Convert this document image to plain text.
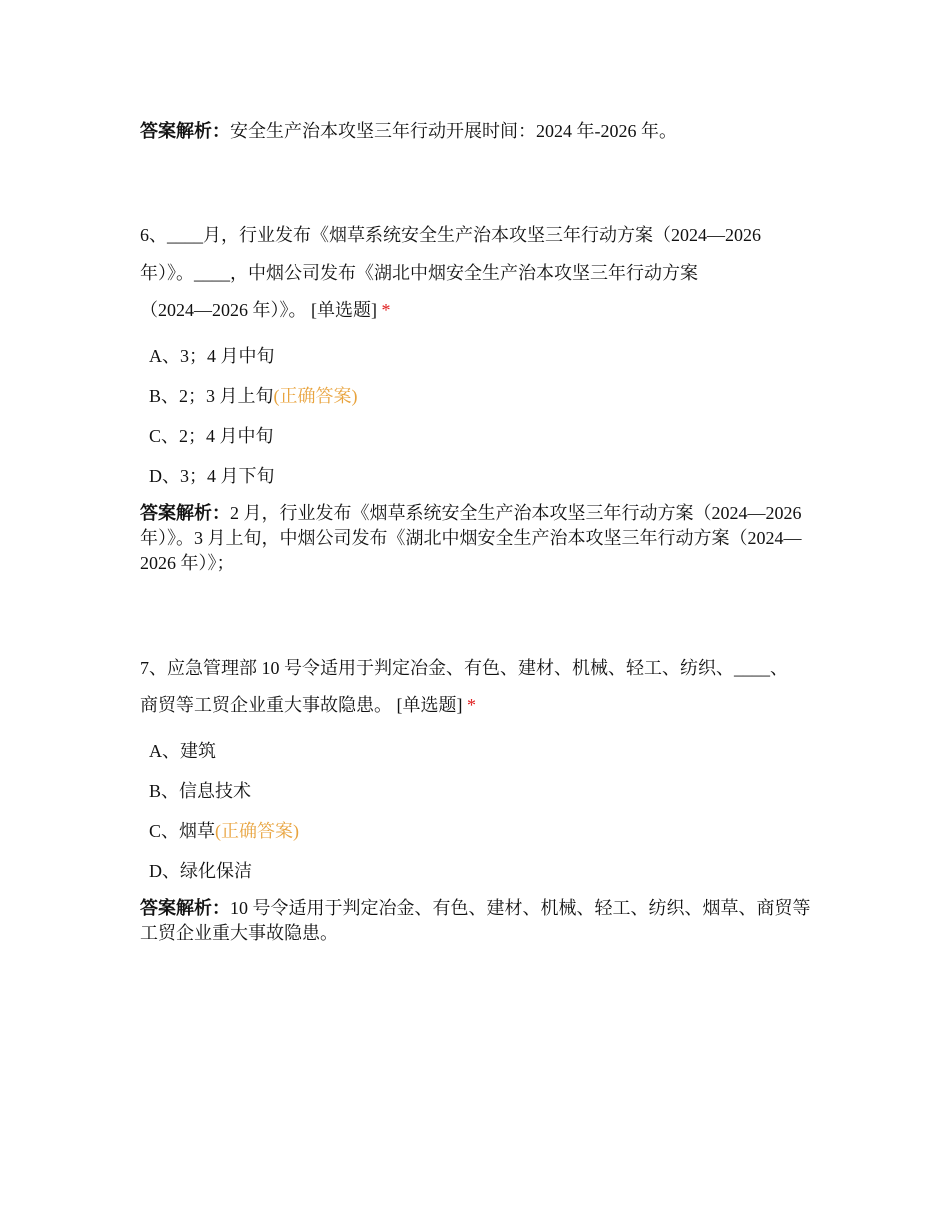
答案解析：安全生产治本攻坚三年行动开展时间：2024 年-2026 年。
6、____月，行业发布《烟草系统安全生产治本攻坚三年行动方案（2024—2026
年）》。____，中烟公司发布《湖北中烟安全生产治本攻坚三年行动方案
（2024—2026 年）》。 [单选题] *
A、3；4 月中旬
B、2；3 月上旬(正确答案)
C、2；4 月中旬
D、3；4 月下旬
答案解析：2 月，行业发布《烟草系统安全生产治本攻坚三年行动方案（2024—2026 年）》。3 月上旬，中烟公司发布《湖北中烟安全生产治本攻坚三年行动方案（2024—2026 年）》；
7、应急管理部 10 号令适用于判定冶金、有色、建材、机械、轻工、纺织、____、
商贸等工贸企业重大事故隐患。 [单选题] *
A、建筑
B、信息技术
C、烟草(正确答案)
D、绿化保洁
答案解析：10 号令适用于判定冶金、有色、建材、机械、轻工、纺织、烟草、商贸等工贸企业重大事故隐患。
